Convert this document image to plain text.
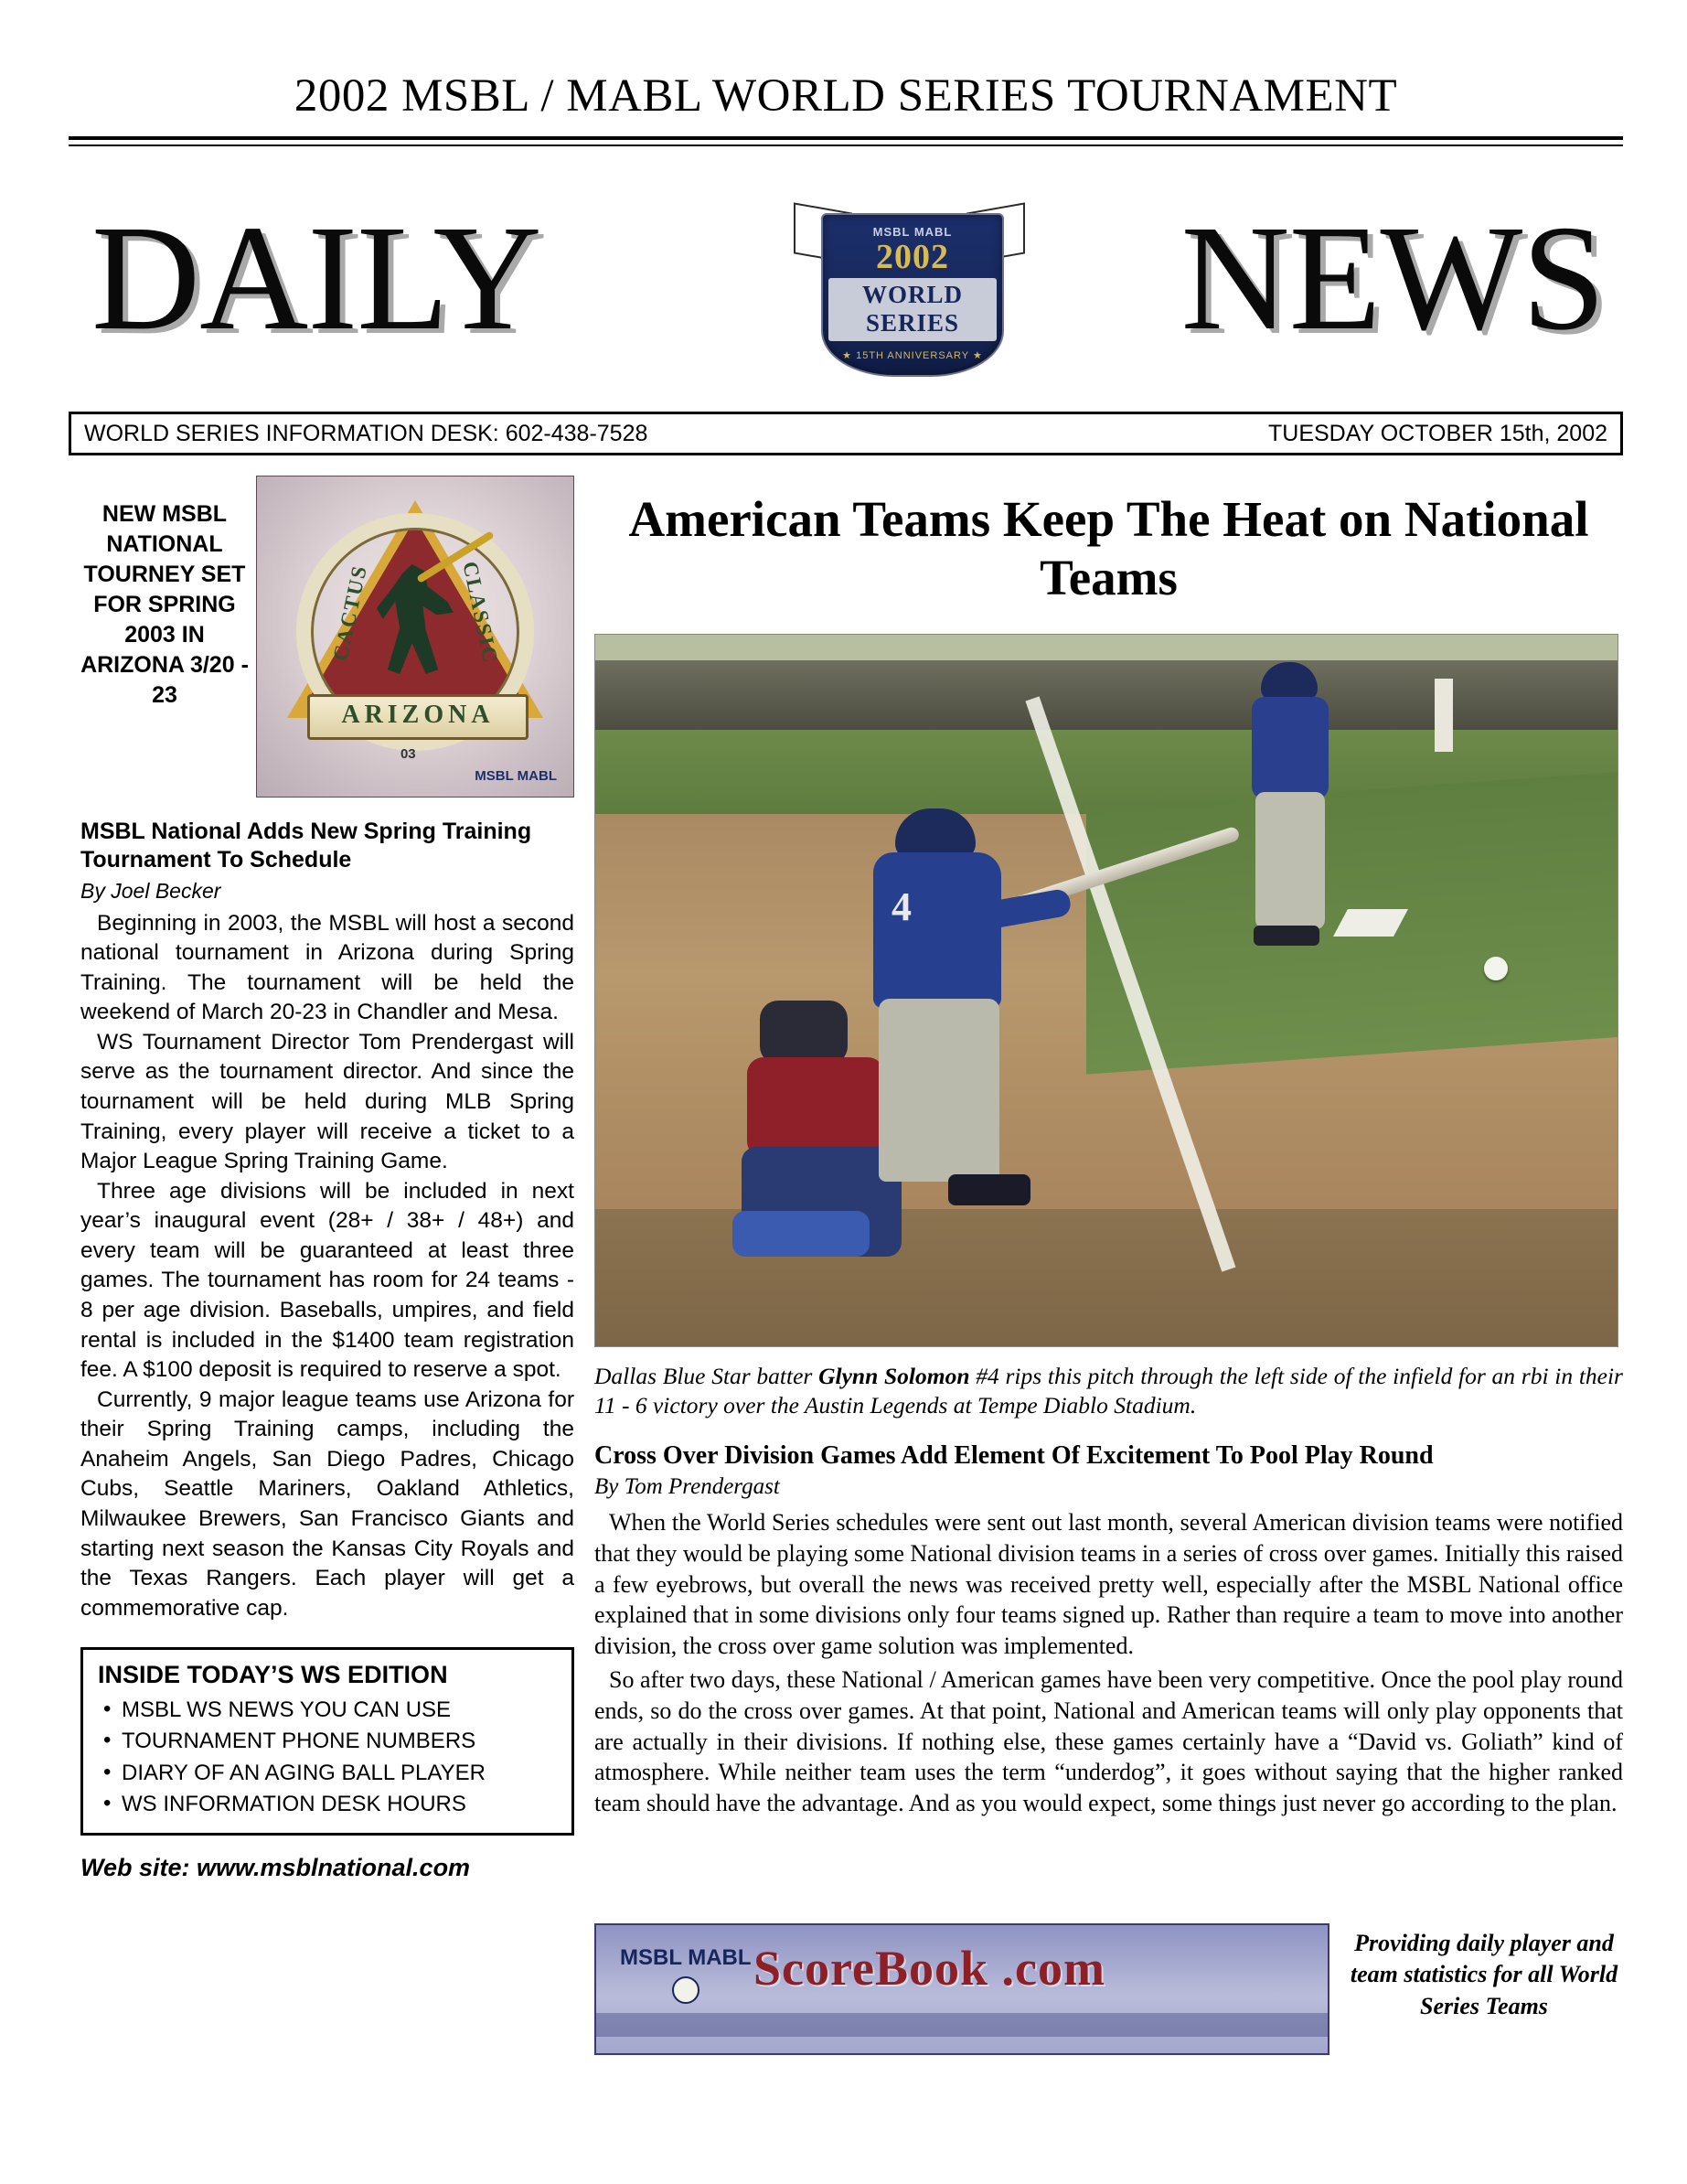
2002 MSBL / MABL WORLD SERIES TOURNAMENT
DAILY	NEWS
MSBL MABL
2002
WORLD SERIES
★ 15TH ANNIVERSARY ★
WORLD SERIES INFORMATION DESK: 602-438-7528	TUESDAY OCTOBER 15th, 2002
NEW MSBL NATIONAL TOURNEY SET FOR SPRING 2003 IN ARIZONA 3/20 - 23
CACTUS	CLASSIC
ARIZONA
03
MSBL MABL
MSBL National Adds New Spring Training Tournament To Schedule
By Joel Becker

Beginning in 2003, the MSBL will host a second national tournament in Arizona during Spring Training. The tournament will be held the weekend of March 20-23 in Chandler and Mesa.

WS Tournament Director Tom Prendergast will serve as the tournament director. And since the tournament will be held during MLB Spring Training, every player will receive a ticket to a Major League Spring Training Game.

Three age divisions will be included in next year’s inaugural event (28+ / 38+ / 48+) and every team will be guaranteed at least three games. The tournament has room for 24 teams - 8 per age division. Baseballs, umpires, and field rental is included in the $1400 team registration fee. A $100 deposit is required to reserve a spot.

Currently, 9 major league teams use Arizona for their Spring Training camps, including the Anaheim Angels, San Diego Padres, Chicago Cubs, Seattle Mariners, Oakland Athletics, Milwaukee Brewers, San Francisco Giants and starting next season the Kansas City Royals and the Texas Rangers. Each player will get a commemorative cap.

INSIDE TODAY’S WS EDITION
• MSBL WS NEWS YOU CAN USE
• TOURNAMENT PHONE NUMBERS
• DIARY OF AN AGING BALL PLAYER
• WS INFORMATION DESK HOURS
Web site: www.msblnational.com
American Teams Keep The Heat on National Teams
4
Dallas Blue Star batter Glynn Solomon #4 rips this pitch through the left side of the infield for an rbi in their 11 - 6 victory over the Austin Legends at Tempe Diablo Stadium.
Cross Over Division Games Add Element Of Excitement To Pool Play Round
By Tom Prendergast

When the World Series schedules were sent out last month, several American division teams were notified that they would be playing some National division teams in a series of cross over games. Initially this raised a few eyebrows, but overall the news was received pretty well, especially after the MSBL National office explained that in some divisions only four teams signed up. Rather than require a team to move into another division, the cross over game solution was implemented.

So after two days, these National / American games have been very competitive. Once the pool play round ends, so do the cross over games. At that point, National and American teams will only play opponents that are actually in their divisions. If nothing else, these games certainly have a “David vs. Goliath” kind of atmosphere. While neither team uses the term “underdog”, it goes without saying that the higher ranked team should have the advantage. And as you would expect, some things just never go according to the plan.

MSBL MABL ScoreBook .com	Providing daily player and team statistics for all World Series Teams
